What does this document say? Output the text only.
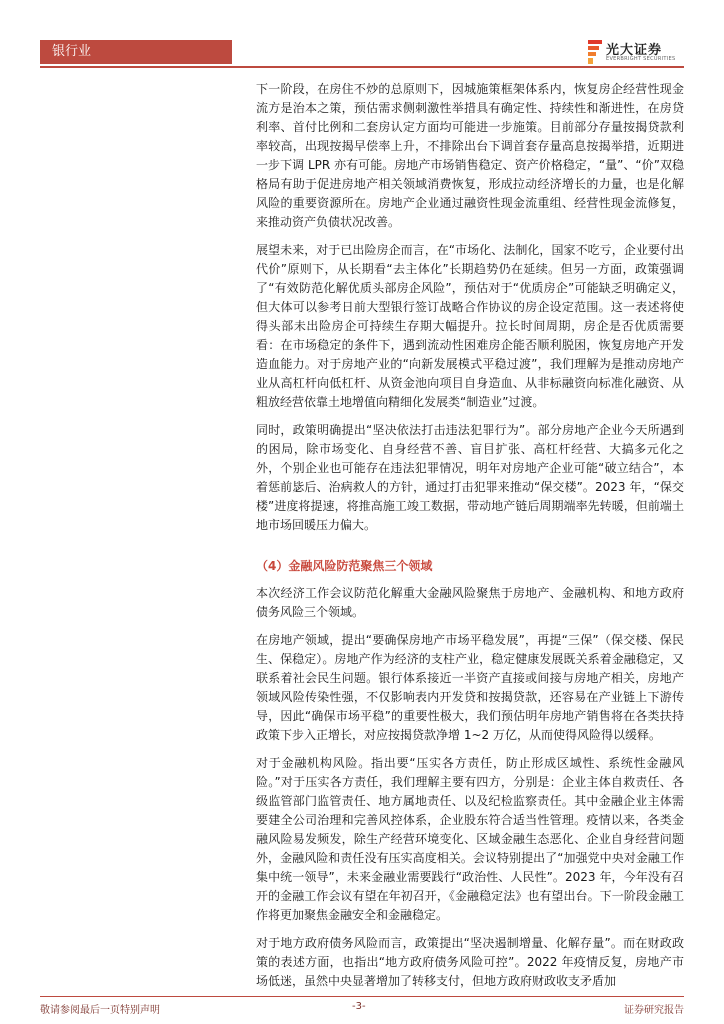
银行业	光大证券
EVERBRIGHT SECURITIES

下一阶段，在房住不炒的总原则下，因城施策框架体系内，恢复房企经营性现金流方是治本之策，预估需求侧刺激性举措具有确定性、持续性和渐进性，在房贷利率、首付比例和二套房认定方面均可能进一步施策。目前部分存量按揭贷款利率较高，出现按揭早偿率上升，不排除出台下调首套存量高息按揭举措，近期进一步下调 LPR 亦有可能。房地产市场销售稳定、资产价格稳定，“量”、“价”双稳格局有助于促进房地产相关领域消费恢复，形成拉动经济增长的力量，也是化解风险的重要资源所在。房地产企业通过融资性现金流重组、经营性现金流修复，来推动资产负债状况改善。

展望未来，对于已出险房企而言，在“市场化、法制化，国家不吃亏，企业要付出代价”原则下，从长期看“去主体化”长期趋势仍在延续。但另一方面，政策强调了“有效防范化解优质头部房企风险”，预估对于“优质房企”可能缺乏明确定义，但大体可以参考日前大型银行签订战略合作协议的房企设定范围。这一表述将使得头部未出险房企可持续生存期大幅提升。拉长时间周期，房企是否优质需要看：在市场稳定的条件下，遇到流动性困难房企能否顺利脱困，恢复房地产开发造血能力。对于房地产业的“向新发展模式平稳过渡”，我们理解为是推动房地产业从高杠杆向低杠杆、从资金池向项目自身造血、从非标融资向标准化融资、从粗放经营依靠土地增值向精细化发展类“制造业”过渡。

同时，政策明确提出“坚决依法打击违法犯罪行为”。部分房地产企业今天所遇到的困局，除市场变化、自身经营不善、盲目扩张、高杠杆经营、大搞多元化之外，个别企业也可能存在违法犯罪情况，明年对房地产企业可能“破立结合”，本着惩前毖后、治病救人的方针，通过打击犯罪来推动“保交楼”。2023 年，“保交楼”进度将提速，将推高施工竣工数据，带动地产链后周期端率先转暖，但前端土地市场回暖压力偏大。

（4）金融风险防范聚焦三个领域

本次经济工作会议防范化解重大金融风险聚焦于房地产、金融机构、和地方政府债务风险三个领域。

在房地产领域，提出“要确保房地产市场平稳发展”，再提“三保”（保交楼、保民生、保稳定）。房地产作为经济的支柱产业，稳定健康发展既关系着金融稳定，又联系着社会民生问题。银行体系接近一半资产直接或间接与房地产相关，房地产领域风险传染性强，不仅影响表内开发贷和按揭贷款，还容易在产业链上下游传导，因此“确保市场平稳”的重要性极大，我们预估明年房地产销售将在各类扶持政策下步入正增长，对应按揭贷款净增 1~2 万亿，从而使得风险得以缓释。

对于金融机构风险。指出要“压实各方责任，防止形成区域性、系统性金融风险。”对于压实各方责任，我们理解主要有四方，分别是：企业主体自救责任、各级监管部门监管责任、地方属地责任、以及纪检监察责任。其中金融企业主体需要建全公司治理和完善风控体系，企业股东符合适当性管理。疫情以来，各类金融风险易发频发，除生产经营环境变化、区域金融生态恶化、企业自身经营问题外，金融风险和责任没有压实高度相关。会议特别提出了“加强党中央对金融工作集中统一领导”，未来金融业需要践行“政治性、人民性”。2023 年，今年没有召开的金融工作会议有望在年初召开，《金融稳定法》也有望出台。下一阶段金融工作将更加聚焦金融安全和金融稳定。

对于地方政府债务风险而言，政策提出“坚决遏制增量、化解存量”。而在财政政策的表述方面，也指出“地方政府债务风险可控”。2022 年疫情反复，房地产市场低迷，虽然中央显著增加了转移支付，但地方政府财政收支矛盾加

敬请参阅最后一页特别声明	-3-	证券研究报告
